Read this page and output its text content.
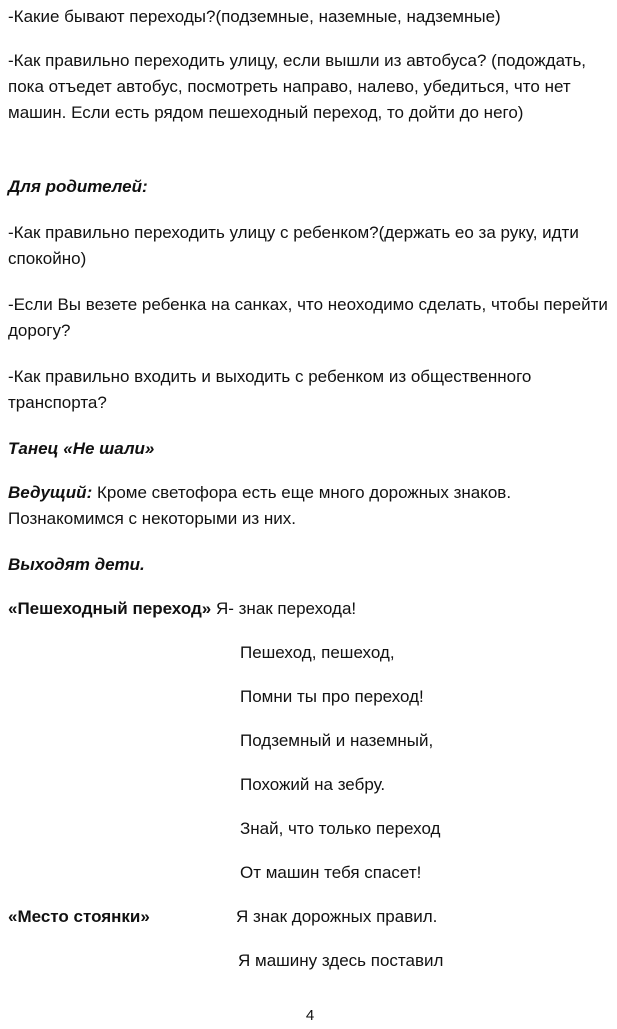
-Какие бывают переходы?(подземные, наземные, надземные)

-Как правильно переходить улицу, если вышли из автобуса? (подождать, пока отъедет автобус, посмотреть направо, налево, убедиться, что нет машин. Если есть рядом пешеходный переход, то дойти до него)

Для родителей:

-Как правильно переходить улицу с ребенком?(держать ео за руку, идти спокойно)

-Если Вы везете ребенка на санках, что неоходимо сделать, чтобы перейти дорогу?

-Как правильно входить и выходить с ребенком из общественного транспорта?

Танец «Не шали»

Ведущий: Кроме светофора есть еще много дорожных знаков. Познакомимся с некоторыми из них.

Выходят дети.

«Пешеходный переход» Я- знак перехода!

Пешеход, пешеход,

Помни ты про переход!

Подземный и наземный,

Похожий на зебру.

Знай, что только переход

От машин тебя спасет!

«Место стоянки»	Я знак дорожных правил.

Я машину здесь поставил

4
